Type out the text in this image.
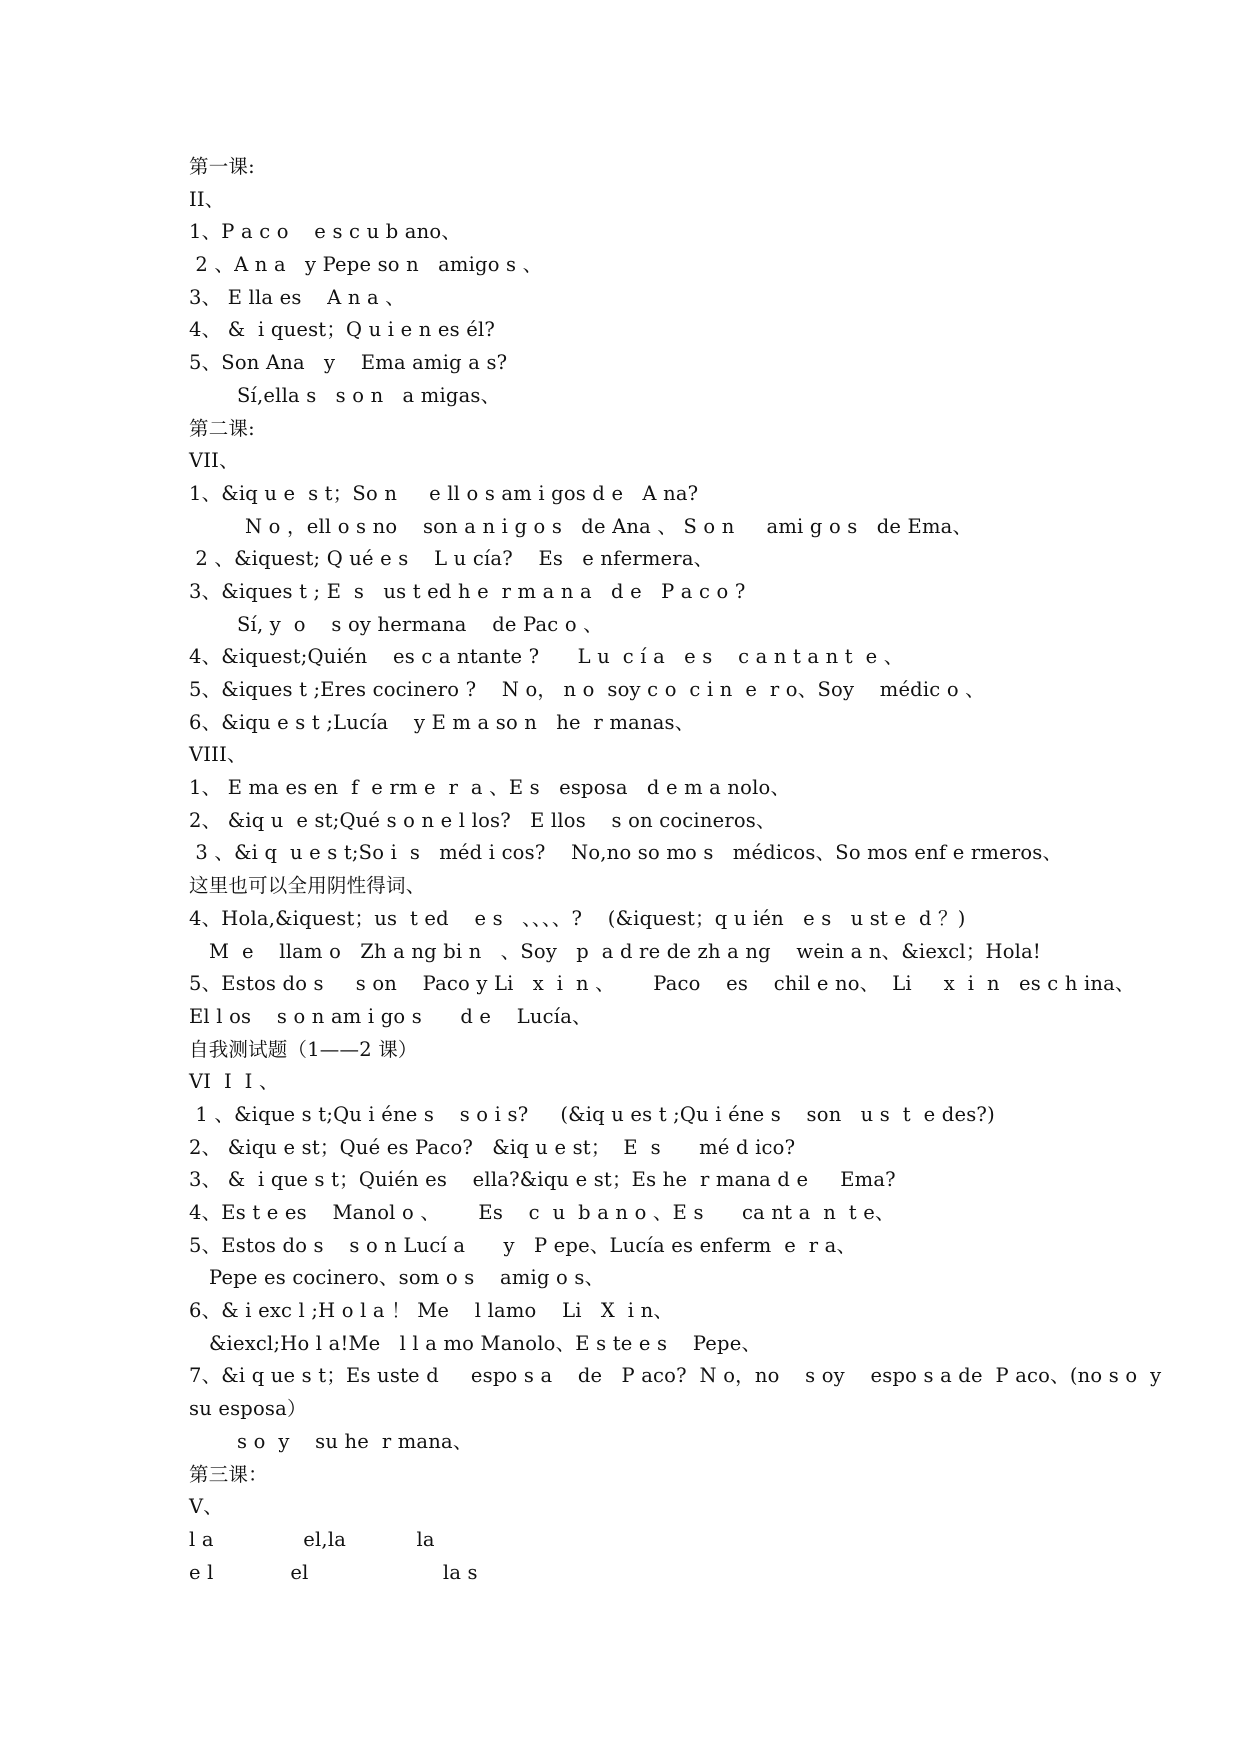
第一课:
II、
1、P a c o    e s c u b ano、
2 、A n a   y Pepe so n   amigo s 、
3、 E lla es    A n a 、
4、 &  i quest；Q u i e n es él?
5、Son Ana   y    Ema amig a s?
Sí,ella s   s o n   a migas、
第二课:
VII、
1、&iq u e  s t；So n     e ll o s am i gos d e   A na?
N o ，ell o s no    son a n i g o s   de Ana 、 S o n     ami g o s   de Ema、
2 、&iquest; Q ué e s    L u cía?    Es   e nfermera、
3、&iques t ; E  s   us t ed h e  r m a n a   d e   P a c o ?
Sí, y  o    s oy hermana    de Pac o 、
4、&iquest;Quién    es c a ntante ?      L u  c í a   e s    c a n t a n t  e 、
5、&iques t ;Eres cocinero ?    N o， n o  soy c o  c i n  e  r o、Soy    médic o 、
6、&iqu e s t ;Lucía    y E m a so n   he  r manas、
VIII、
1、 E ma es en  f  e rm e  r  a 、E s   esposa   d e m a nolo、
2、 &iq u  e st;Qué s o n e l los?   E llos    s on cocineros、
3 、&i q  u e s t;So i  s   méd i cos?    No,no so mo s   médicos、So mos enf e rmeros、
这里也可以全用阴性得词、
4、Hola,&iquest；us  t ed    e s   、、、、?    (&iquest；q u ién   e s   u st e  d ？)
M  e    llam o   Zh a ng bi n   、Soy   p  a d re de zh a ng    wein a n、&iexcl；Hola!
5、Estos do s     s on    Paco y Li   x  i  n 、      Paco    es    chil e no、  Li     x  i  n   es c h ina、
El l os    s o n am i go s      d e    Lucía、
自我测试题（1——2 课）
VI  I  I 、
1 、&ique s t;Qu i éne s    s o i s?     (&iq u es t ;Qu i éne s    son   u s  t  e des?)
2、 &iqu e st；Qué es Paco?   &iq u e st；  E  s      mé d ico?
3、 &  i que s t；Quién es    ella?&iqu e st；Es he  r mana d e     Ema?
4、Es t e es    Manol o 、      Es    c  u  b a n o 、E s      ca nt a  n  t e、
5、Estos do s    s o n Lucí a      y   P epe、Lucía es enferm  e  r a、
Pepe es cocinero、som o s    amig o s、
6、& i exc l ;H o l a ！ Me    l lamo    Li   X  i n、
&iexcl;Ho l a!Me   l l a mo Manolo、E s te e s    Pepe、
7、&i q ue s t；Es uste d     espo s a    de   P aco?  N o，no    s oy    espo s a de  P aco、(no s o  y
su esposa）
s o  y    su he  r mana、
第三课：
V、
l a              el,la           la
e l            el                     la s
